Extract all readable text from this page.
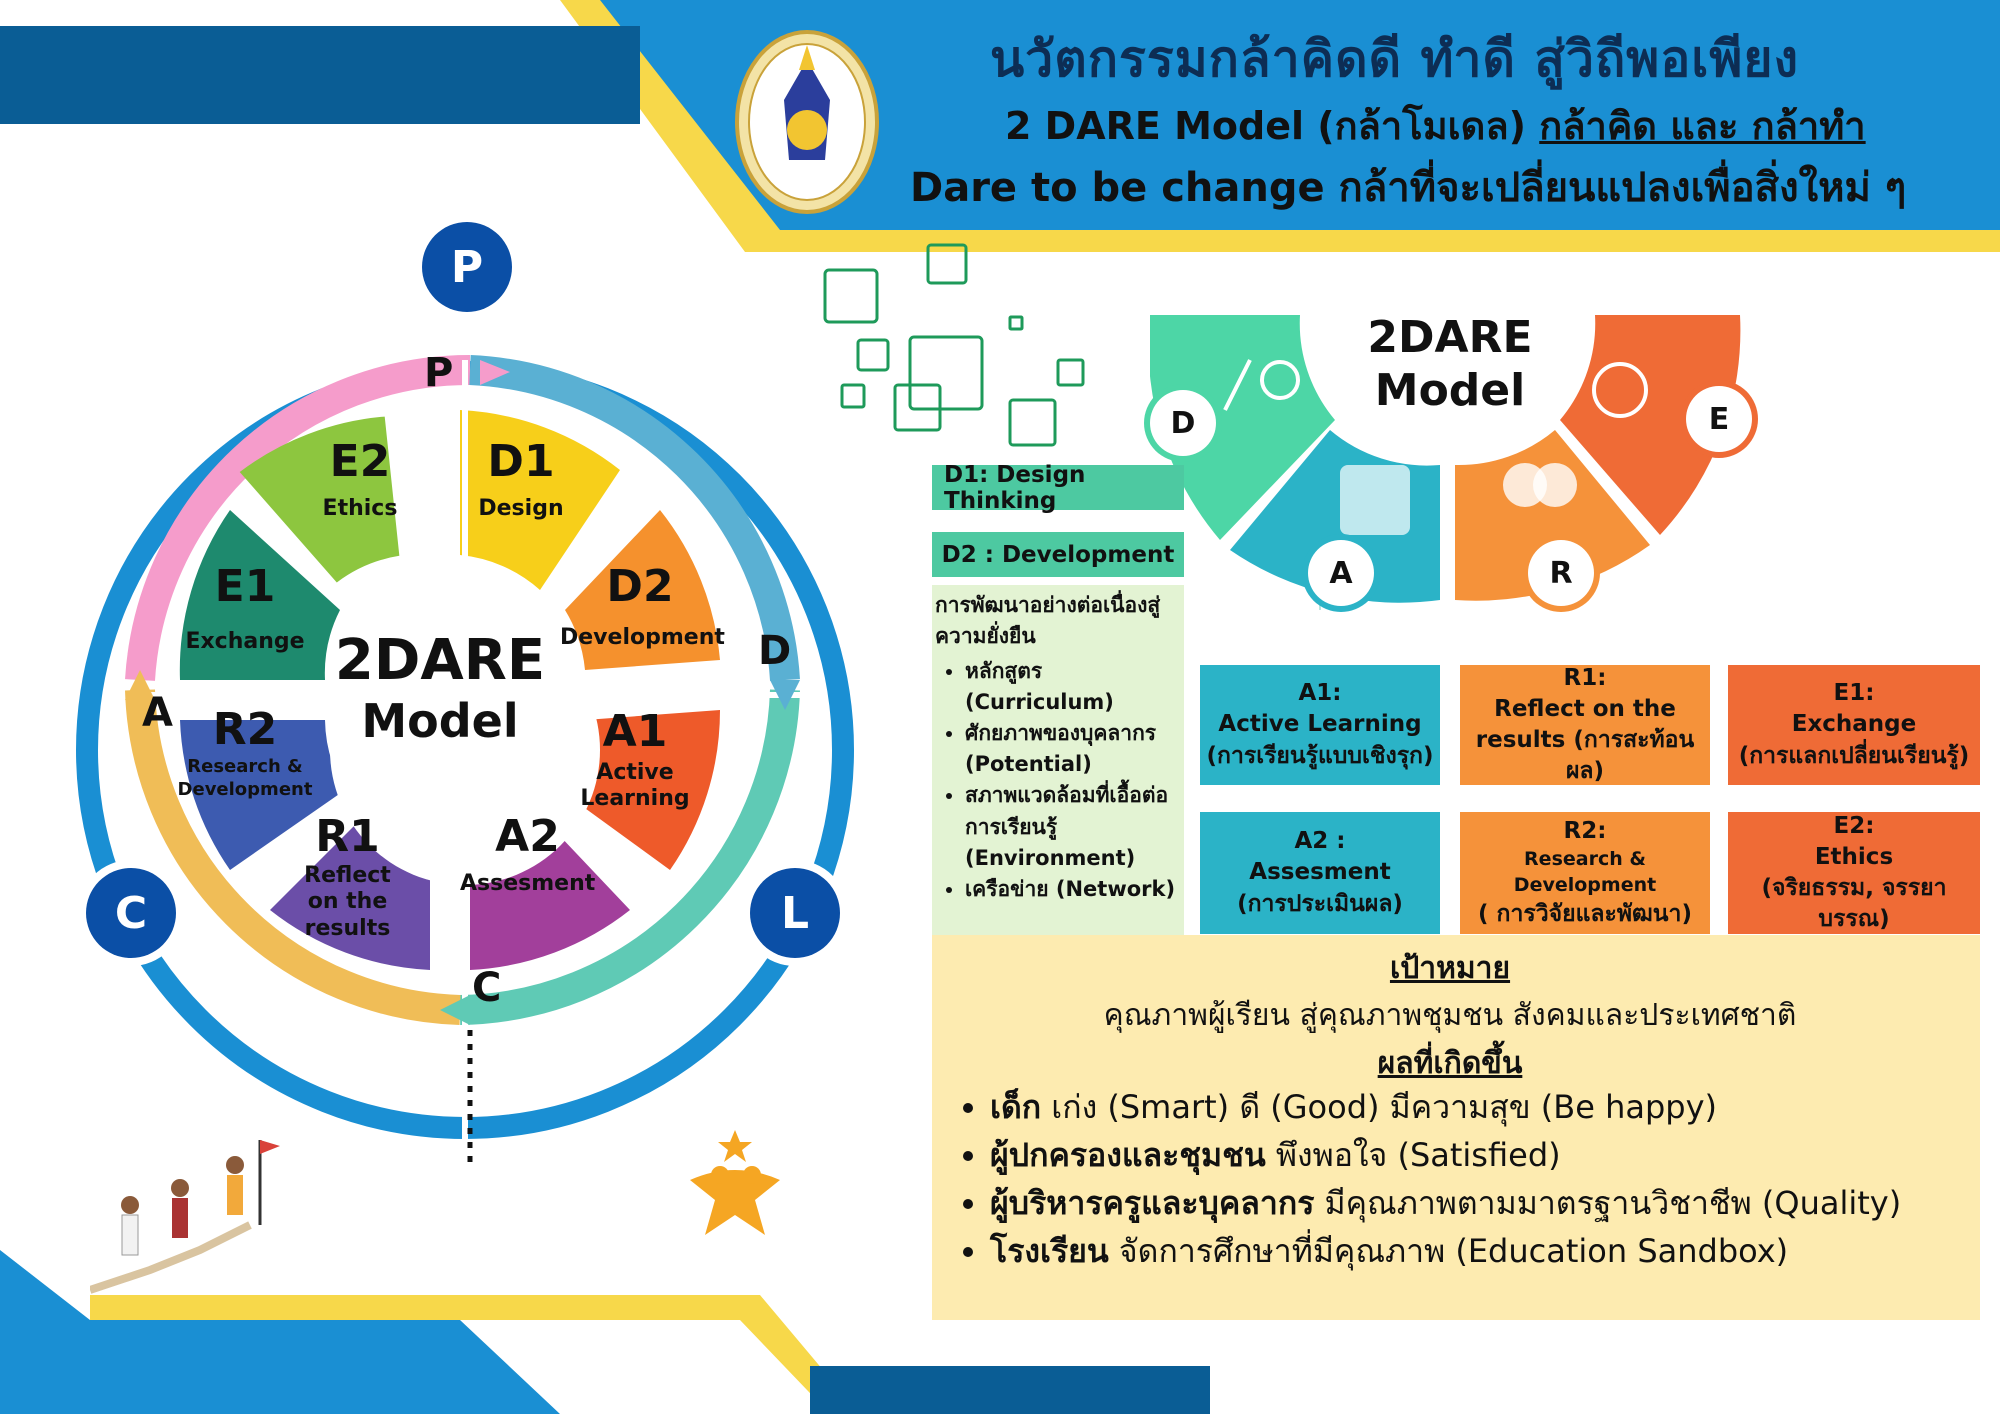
นวัตกรรมกล้าคิดดี ทำดี สู่วิถีพอเพียง
2 DARE Model (กล้าโมเดล) กล้าคิด และ กล้าทำ
Dare to be change กล้าที่จะเปลี่ยนแปลงเพื่อสิ่งใหม่ ๆ
P
C	L
P
D
C
A
E2
Ethics
D1
Design
D2
Development
A1
Active Learning
A2
Assesment
R1
Reflect on the results
R2
Research & Development
E1
Exchange 2DARE
Model
2DARE
Model
D
A	R
E
D1: Design Thinking
D2 : Development
การพัฒนาอย่างต่อเนื่องสู่ความยั่งยืน
• หลักสูตร (Curriculum)
• ศักยภาพของบุคลากร (Potential)
• สภาพแวดล้อมที่เอื้อต่อการเรียนรู้ (Environment)
• เครือข่าย (Network)
A1:
Active Learning
(การเรียนรู้แบบเชิงรุก)
R1:
Reflect on the
results (การสะท้อนผล)
E1:
Exchange
(การแลกเปลี่ยนเรียนรู้)
A2 :
Assesment
(การประเมินผล)
R2:
Research & Development
( การวิจัยและพัฒนา)
E2:
Ethics
(จริยธรรม, จรรยาบรรณ)
เป้าหมาย
คุณภาพผู้เรียน สู่คุณภาพชุมชน สังคมและประเทศชาติ
ผลที่เกิดขึ้น
• เด็ก เก่ง (Smart) ดี (Good) มีความสุข (Be happy)
• ผู้ปกครองและชุมชน พึงพอใจ (Satisfied)
• ผู้บริหารครูและบุคลากร มีคุณภาพตามมาตรฐานวิชาชีพ (Quality)
• โรงเรียน จัดการศึกษาที่มีคุณภาพ (Education Sandbox)
